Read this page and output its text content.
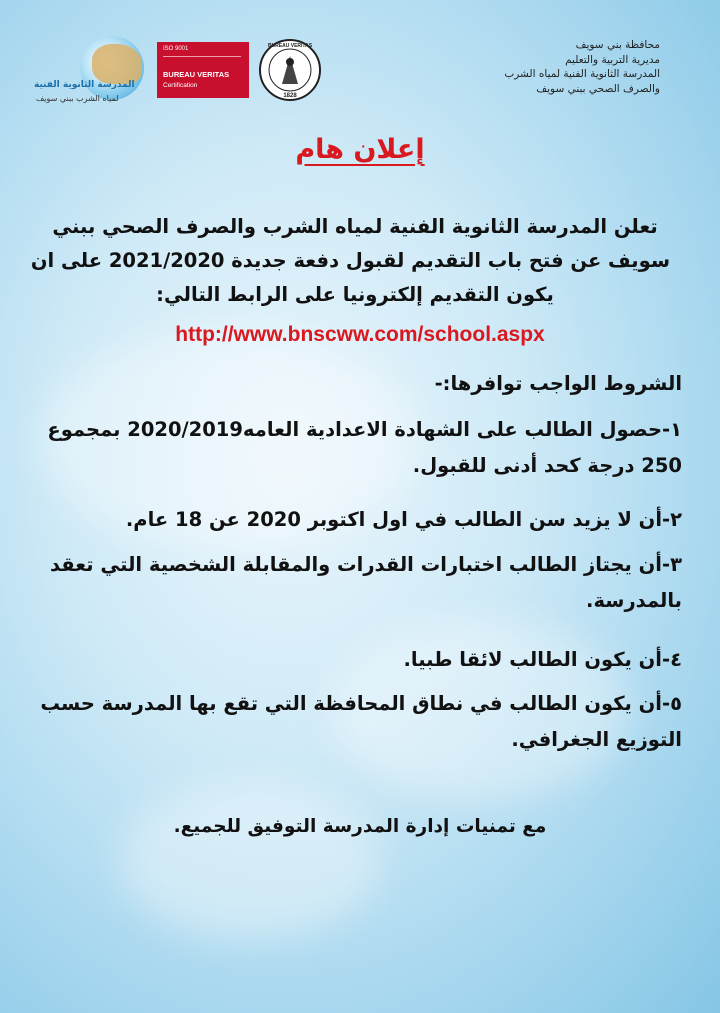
محافظة بني سويف
مديرية التربية والتعليم
المدرسة الثانوية الفنية لمياه الشرب
والصرف الصحي ببني سويف
المدرسة الثانوية الفنية
لمياه الشرب ببني سويف
ISO 9001
BUREAU VERITAS
Certification
BUREAU VERITAS
1828
إعلان هام
تعلن المدرسة الثانوية الفنية لمياه الشرب والصرف الصحي ببني
سويف عن فتح باب التقديم لقبول دفعة جديدة 2021/2020 على ان
يكون التقديم إلكترونيا على الرابط التالي:
http://www.bnscww.com/school.aspx
الشروط الواجب توافرها:-
١-حصول الطالب على الشهادة الاعدادية العامه2020/2019 بمجموع
250 درجة كحد أدنى للقبول.
٢-أن لا يزيد سن الطالب في اول اكتوبر 2020 عن 18 عام.
٣-أن يجتاز الطالب اختبارات القدرات والمقابلة الشخصية التي تعقد
بالمدرسة.
٤-أن يكون الطالب لائقا طبيا.
٥-أن يكون الطالب في نطاق المحافظة التي تقع بها المدرسة حسب
التوزيع الجغرافي.
مع تمنيات إدارة المدرسة التوفيق للجميع.
